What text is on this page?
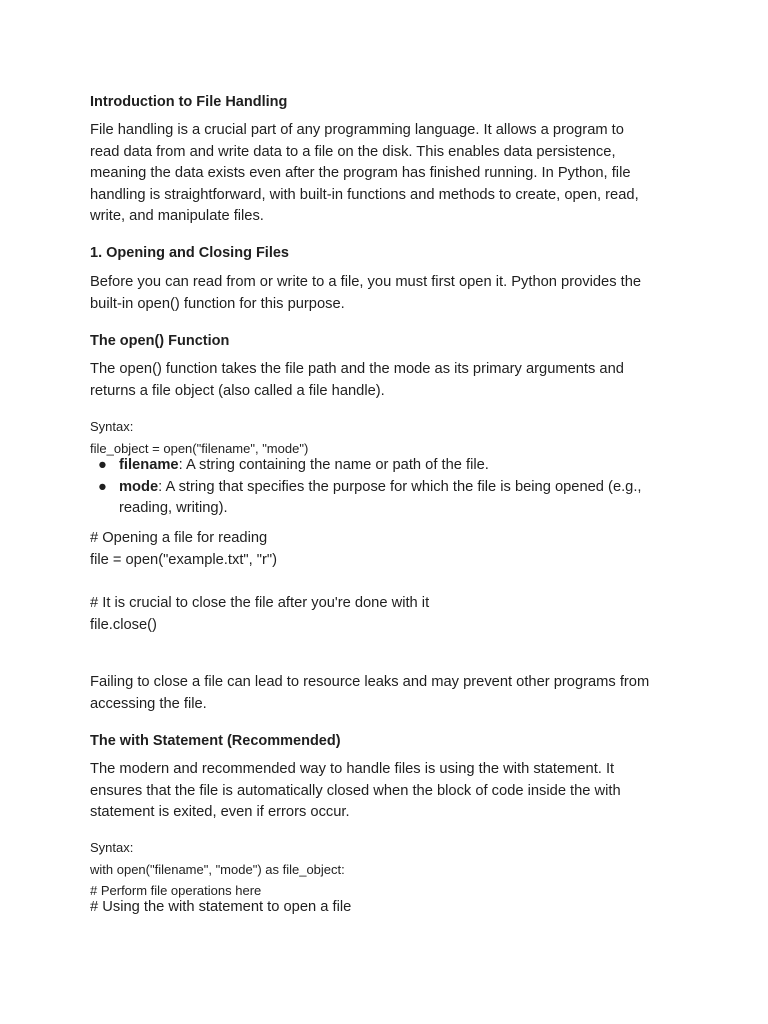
Introduction to File Handling
File handling is a crucial part of any programming language. It allows a program to
read data from and write data to a file on the disk. This enables data persistence,
meaning the data exists even after the program has finished running. In Python, file
handling is straightforward, with built-in functions and methods to create, open, read,
write, and manipulate files.
1. Opening and Closing Files
Before you can read from or write to a file, you must first open it. Python provides the
built-in open() function for this purpose.
The open() Function
The open() function takes the file path and the mode as its primary arguments and
returns a file object (also called a file handle).
Syntax:
file_object = open("filename", "mode")
● filename: A string containing the name or path of the file.
● mode: A string that specifies the purpose for which the file is being opened (e.g.,
reading, writing).
# Opening a file for reading
file = open("example.txt", "r")
# It is crucial to close the file after you're done with it
file.close()
Failing to close a file can lead to resource leaks and may prevent other programs from
accessing the file.
The with Statement (Recommended)
The modern and recommended way to handle files is using the with statement. It
ensures that the file is automatically closed when the block of code inside the with
statement is exited, even if errors occur.
Syntax:
with open("filename", "mode") as file_object:
# Perform file operations here
# Using the with statement to open a file
